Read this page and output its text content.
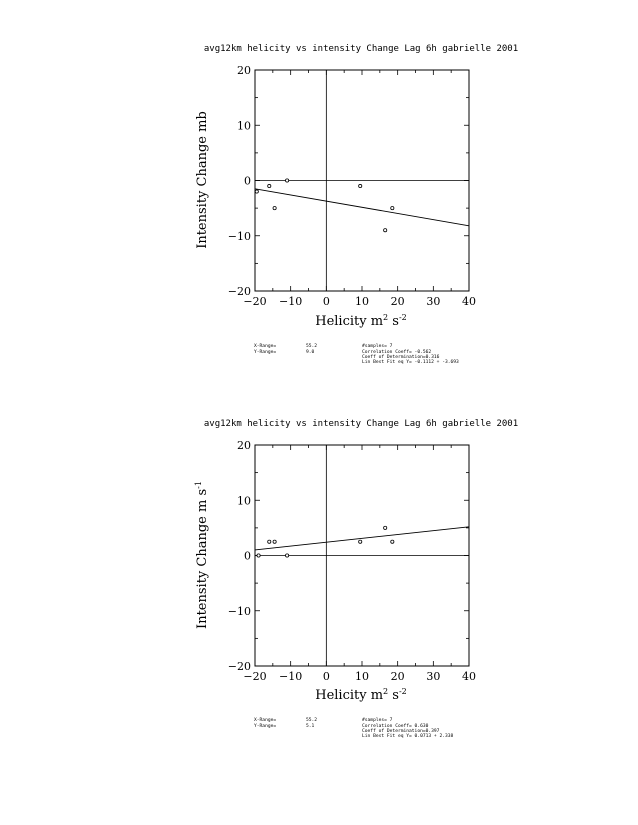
avg12km helicity vs intensity Change Lag 6h gabrielle 2001
−20 −10 0 10 20 30 40
−20
−10
0
10
20
Helicity $m^2$ $s^{-2}$
Intensity Change mb
X-Range=	55.2
Y-Range=	9.0
#samples= 7
Correlation Coeff= -0.562
Coeff of Determination=0.316
Lin Best Fit eq Y= -0.1112 + -3.693
avg12km helicity vs intensity Change Lag 6h gabrielle 2001
−20 −10 0 10 20 30 40
−20
−10
0
10
20
Helicity $m^2$ $s^{-2}$
Intensity Change m $s^{-1}$
X-Range=	55.2
Y-Range=	5.1
#samples= 7
Correlation Coeff= 0.630
Coeff of Determination=0.397
Lin Best Fit eq Y= 0.0713 + 2.338
